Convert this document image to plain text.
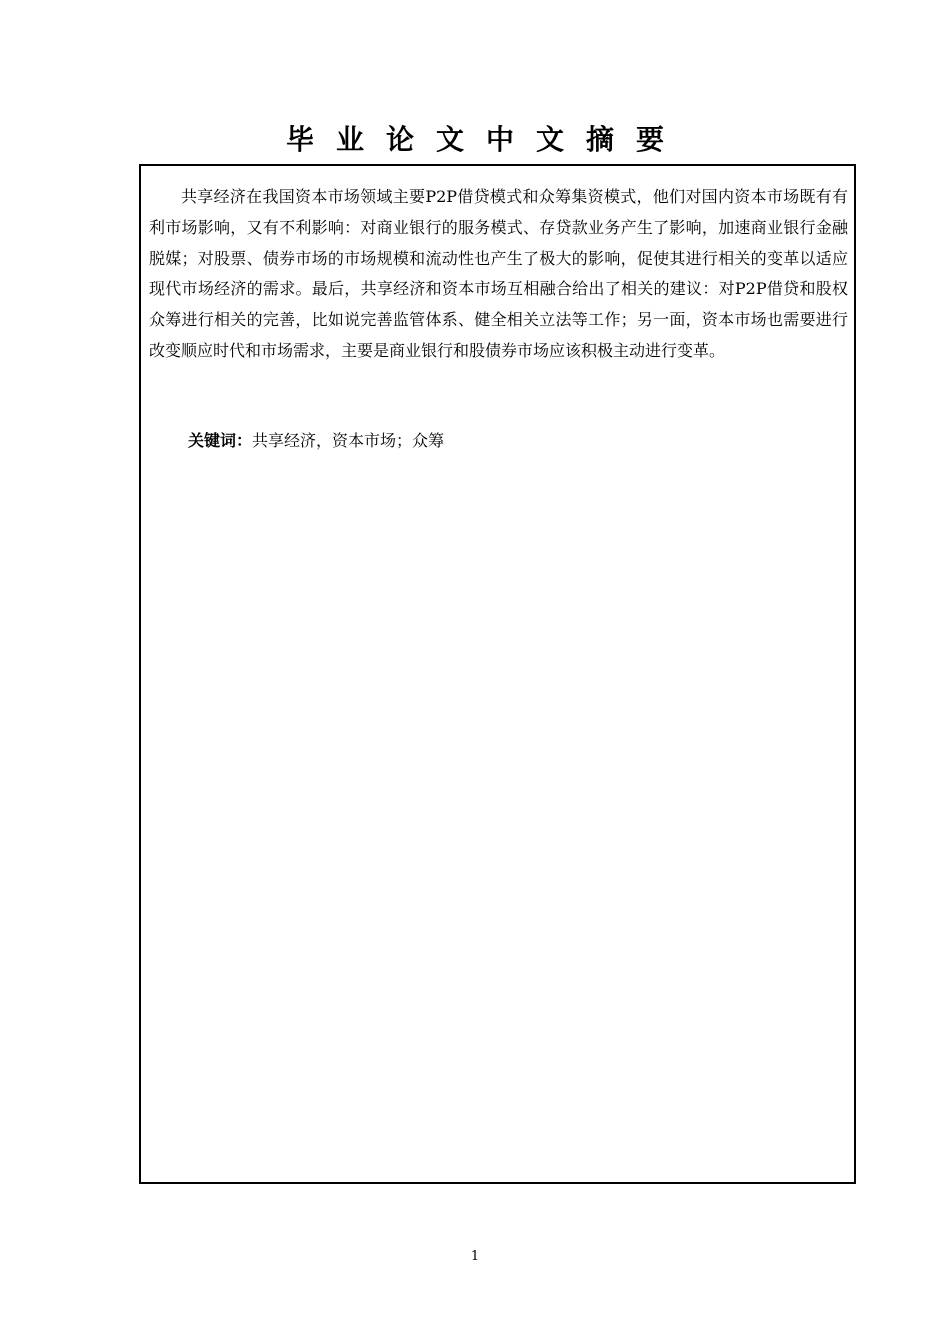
毕业论文中文摘要

共享经济在我国资本市场领域主要P2P借贷模式和众筹集资模式，他们对国内资本市场既有有利市场影响，又有不利影响：对商业银行的服务模式、存贷款业务产生了影响，加速商业银行金融脱媒；对股票、债券市场的市场规模和流动性也产生了极大的影响，促使其进行相关的变革以适应现代市场经济的需求。最后，共享经济和资本市场互相融合给出了相关的建议：对P2P借贷和股权众筹进行相关的完善，比如说完善监管体系、健全相关立法等工作；另一面，资本市场也需要进行改变顺应时代和市场需求，主要是商业银行和股债券市场应该积极主动进行变革。

关键词：共享经济，资本市场；众筹
1
